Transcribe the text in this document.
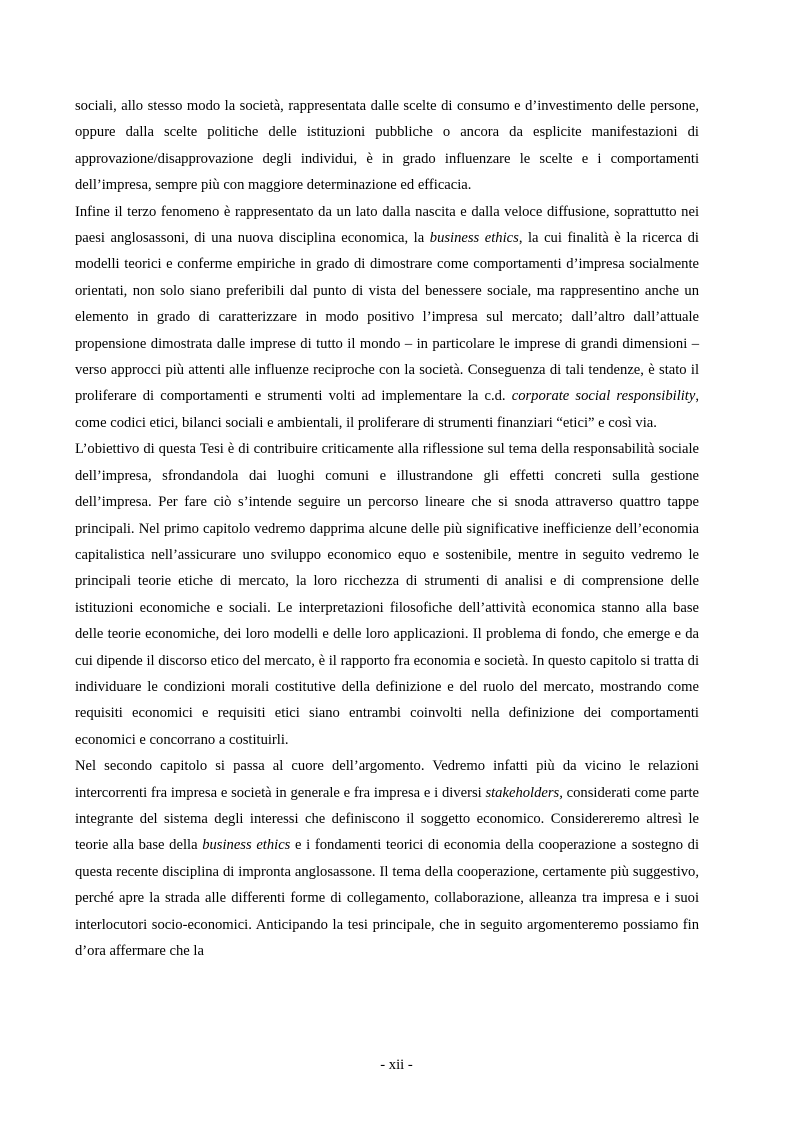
sociali, allo stesso modo la società, rappresentata dalle scelte di consumo e d’investimento delle persone, oppure dalla scelte politiche delle istituzioni pubbliche o ancora da esplicite manifestazioni di approvazione/disapprovazione degli individui, è in grado influenzare le scelte e i comportamenti dell’impresa, sempre più con maggiore determinazione ed efficacia.

Infine il terzo fenomeno è rappresentato da un lato dalla nascita e dalla veloce diffusione, soprattutto nei paesi anglosassoni, di una nuova disciplina economica, la business ethics, la cui finalità è la ricerca di modelli teorici e conferme empiriche in grado di dimostrare come comportamenti d’impresa socialmente orientati, non solo siano preferibili dal punto di vista del benessere sociale, ma rappresentino anche un elemento in grado di caratterizzare in modo positivo l’impresa sul mercato; dall’altro dall’attuale propensione dimostrata dalle imprese di tutto il mondo – in particolare le imprese di grandi dimensioni – verso approcci più attenti alle influenze reciproche con la società. Conseguenza di tali tendenze, è stato il proliferare di comportamenti e strumenti volti ad implementare la c.d. corporate social responsibility, come codici etici, bilanci sociali e ambientali, il proliferare di strumenti finanziari “etici” e così via.

L’obiettivo di questa Tesi è di contribuire criticamente alla riflessione sul tema della responsabilità sociale dell’impresa, sfrondandola dai luoghi comuni e illustrandone gli effetti concreti sulla gestione dell’impresa. Per fare ciò s’intende seguire un percorso lineare che si snoda attraverso quattro tappe principali. Nel primo capitolo vedremo dapprima alcune delle più significative inefficienze dell’economia capitalistica nell’assicurare uno sviluppo economico equo e sostenibile, mentre in seguito vedremo le principali teorie etiche di mercato, la loro ricchezza di strumenti di analisi e di comprensione delle istituzioni economiche e sociali. Le interpretazioni filosofiche dell’attività economica stanno alla base delle teorie economiche, dei loro modelli e delle loro applicazioni. Il problema di fondo, che emerge e da cui dipende il discorso etico del mercato, è il rapporto fra economia e società. In questo capitolo si tratta di individuare le condizioni morali costitutive della definizione e del ruolo del mercato, mostrando come requisiti economici e requisiti etici siano entrambi coinvolti nella definizione dei comportamenti economici e concorrano a costituirli.

Nel secondo capitolo si passa al cuore dell’argomento. Vedremo infatti più da vicino le relazioni intercorrenti fra impresa e società in generale e fra impresa e i diversi stakeholders, considerati come parte integrante del sistema degli interessi che definiscono il soggetto economico. Considereremo altresì le teorie alla base della business ethics e i fondamenti teorici di economia della cooperazione a sostegno di questa recente disciplina di impronta anglosassone. Il tema della cooperazione, certamente più suggestivo, perché apre la strada alle differenti forme di collegamento, collaborazione, alleanza tra impresa e i suoi interlocutori socio-economici. Anticipando la tesi principale, che in seguito argomenteremo possiamo fin d’ora affermare che la

- xii -
